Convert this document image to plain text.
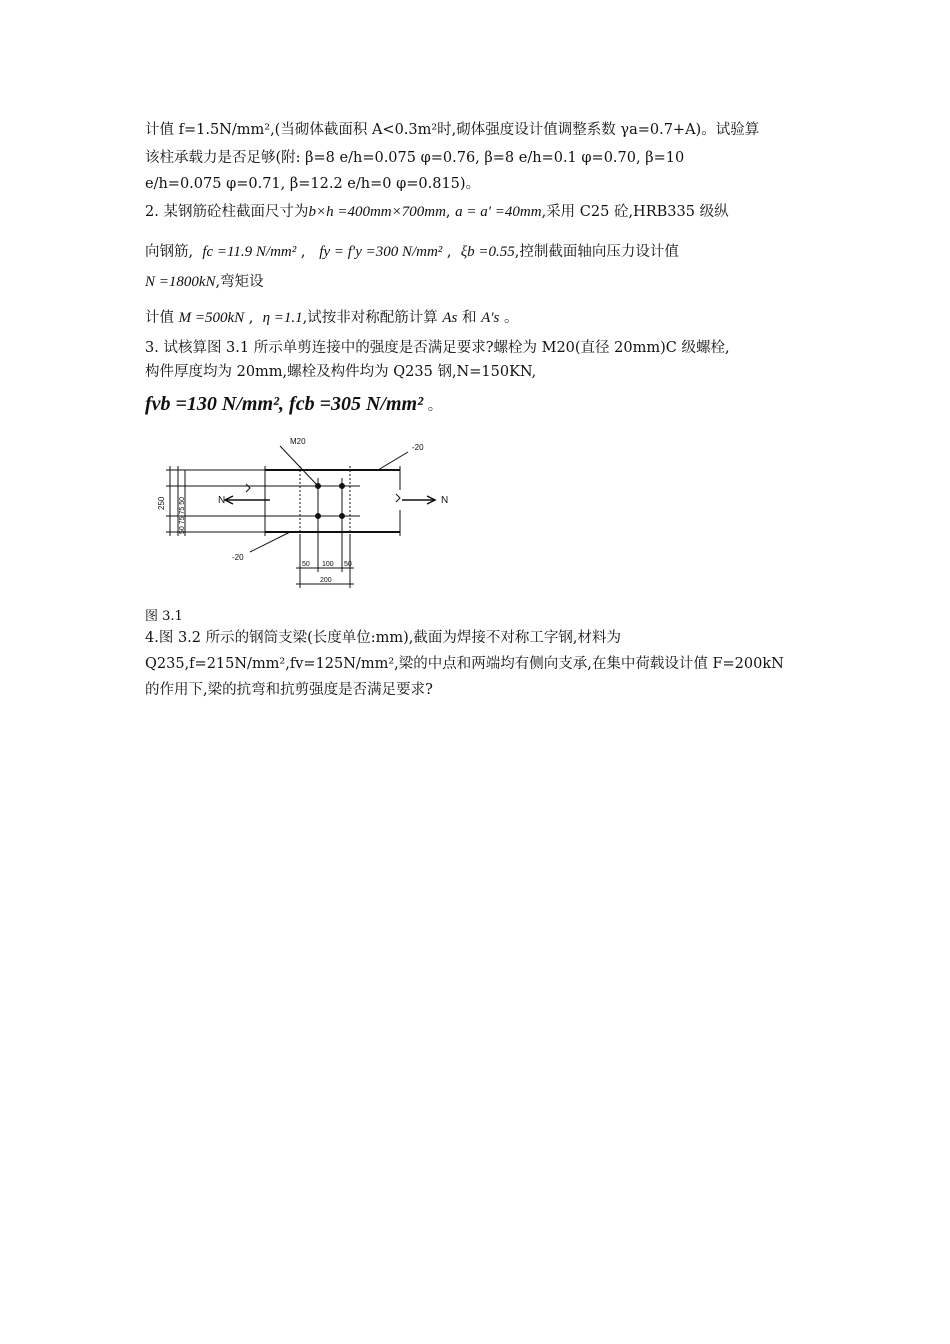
计值 f=1.5N/mm²,(当砌体截面积 A<0.3m²时,砌体强度设计值调整系数 γa=0.7+A)。试验算
该柱承载力是否足够(附: β=8 e/h=0.075 φ=0.76, β=8 e/h=0.1 φ=0.70, β=10
e/h=0.075 φ=0.71, β=12.2 e/h=0 φ=0.815)。
2. 某钢筋砼柱截面尺寸为b×h =400mm×700mm, a = a′ =40mm,采用 C25 砼,HRB335 级纵
向钢筋, fc =11.9 N/mm² ,   fy = f′y =300 N/mm² ,  ξb =0.55,控制截面轴向压力设计值
N =1800kN,弯矩设
计值 M =500kN ,  η =1.1,试按非对称配筋计算 As 和 A′s 。
3. 试核算图 3.1 所示单剪连接中的强度是否满足要求?螺栓为 M20(直径 20mm)C 级螺栓,
构件厚度均为 20mm,螺栓及构件均为 Q235 钢,N=150KN,
fvb =130 N/mm², fcb =305 N/mm² 。
M20
-20
-20
N	N
250 50 75 75 50
50 100 50
200
图 3.1
4.图 3.2 所示的钢筒支梁(长度单位:mm),截面为焊接不对称工字钢,材料为
Q235,f=215N/mm²,fv=125N/mm²,梁的中点和两端均有侧向支承,在集中荷载设计值 F=200kN
的作用下,梁的抗弯和抗剪强度是否满足要求?
